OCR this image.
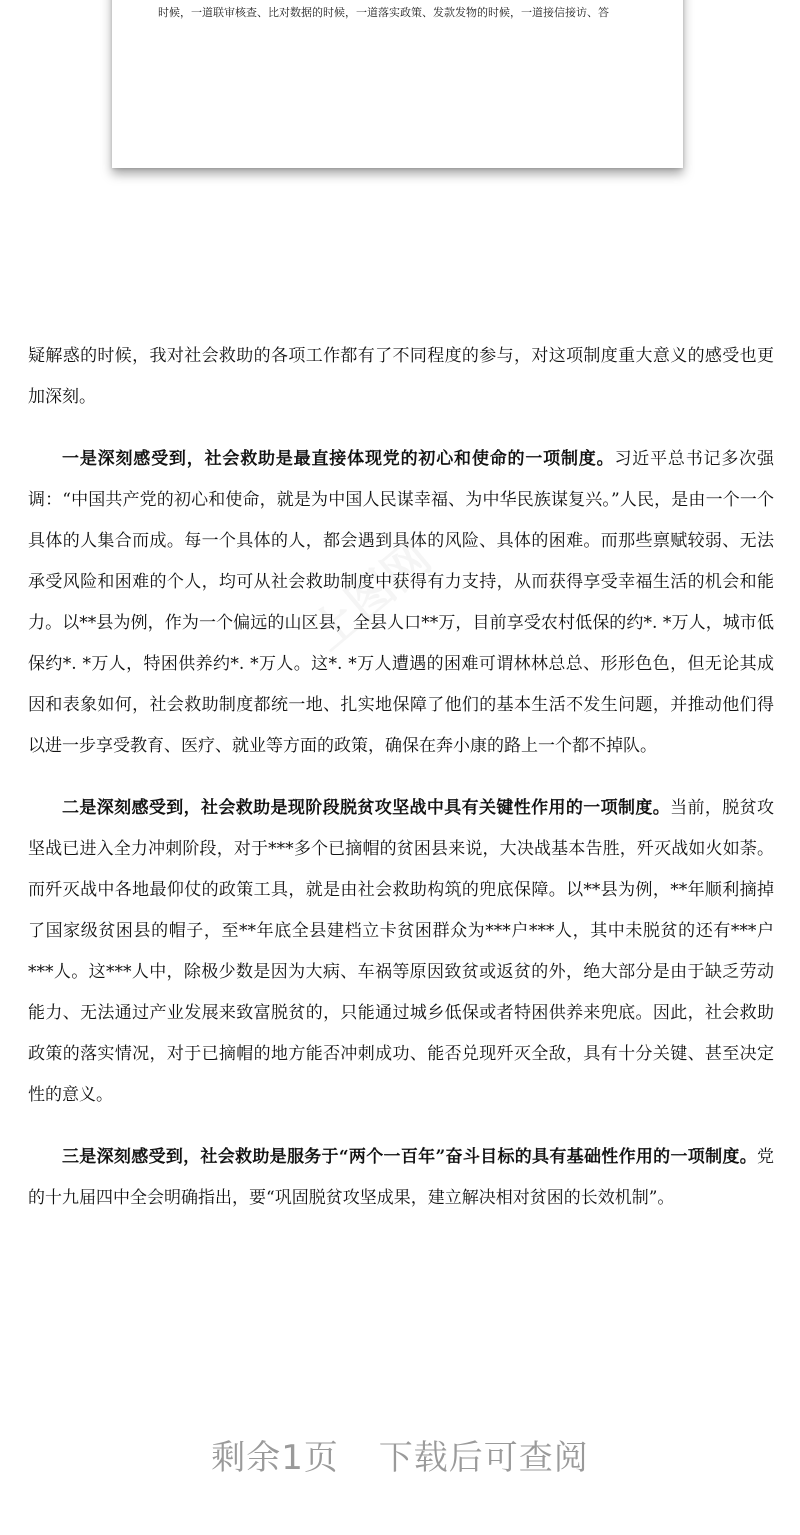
时候，一道联审核查、比对数据的时候，一道落实政策、发款发物的时候，一道接信接访、答

疑解惑的时候，我对社会救助的各项工作都有了不同程度的参与，对这项制度重大意义的感受也更加深刻。

一是深刻感受到，社会救助是最直接体现党的初心和使命的一项制度。习近平总书记多次强调：“中国共产党的初心和使命，就是为中国人民谋幸福、为中华民族谋复兴。”人民，是由一个一个具体的人集合而成。每一个具体的人，都会遇到具体的风险、具体的困难。而那些禀赋较弱、无法承受风险和困难的个人，均可从社会救助制度中获得有力支持，从而获得享受幸福生活的机会和能力。以**县为例，作为一个偏远的山区县，全县人口**万，目前享受农村低保的约*. *万人，城市低保约*. *万人，特困供养约*. *万人。这*. *万人遭遇的困难可谓林林总总、形形色色，但无论其成因和表象如何，社会救助制度都统一地、扎实地保障了他们的基本生活不发生问题，并推动他们得以进一步享受教育、医疗、就业等方面的政策，确保在奔小康的路上一个都不掉队。

二是深刻感受到，社会救助是现阶段脱贫攻坚战中具有关键性作用的一项制度。当前，脱贫攻坚战已进入全力冲刺阶段，对于***多个已摘帽的贫困县来说，大决战基本告胜，歼灭战如火如荼。而歼灭战中各地最仰仗的政策工具，就是由社会救助构筑的兜底保障。以**县为例，**年顺利摘掉了国家级贫困县的帽子，至**年底全县建档立卡贫困群众为***户***人，其中未脱贫的还有***户***人。这***人中，除极少数是因为大病、车祸等原因致贫或返贫的外，绝大部分是由于缺乏劳动能力、无法通过产业发展来致富脱贫的，只能通过城乡低保或者特困供养来兜底。因此，社会救助政策的落实情况，对于已摘帽的地方能否冲刺成功、能否兑现歼灭全敌，具有十分关键、甚至决定性的意义。

三是深刻感受到，社会救助是服务于“两个一百年”奋斗目标的具有基础性作用的一项制度。党的十九届四中全会明确指出，要“巩固脱贫攻坚成果，建立解决相对贫困的长效机制”。

剩余1页 下载后可查阅
